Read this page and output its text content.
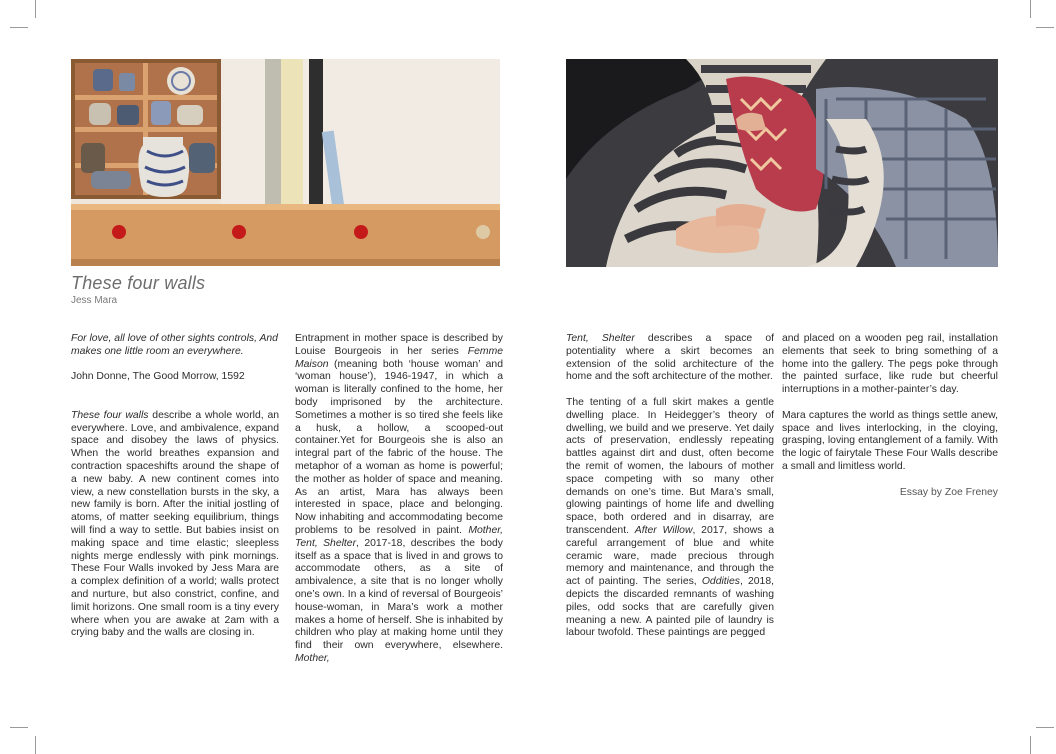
These four walls

Jess Mara

For love, all love of other sights controls, And makes one little room an everywhere.

John Donne, The Good Morrow, 1592

These four walls describe a whole world, an everywhere. Love, and ambivalence, expand space and disobey the laws of physics. When the world breathes expansion and contraction spaceshifts around the shape of a new baby. A new continent comes into view, a new constellation bursts in the sky, a new family is born. After the initial jostling of atoms, of matter seeking equilibrium, things will find a way to settle. But babies insist on making space and time elastic; sleepless nights merge endlessly with pink mornings. These Four Walls invoked by Jess Mara are a complex definition of a world; walls protect and nurture, but also constrict, confine, and limit horizons. One small room is a tiny every where when you are awake at 2am with a crying baby and the walls are closing in.

Entrapment in mother space is described by Louise Bourgeois in her series Femme Maison (meaning both ‘house woman’ and ‘woman house’), 1946-1947, in which a woman is literally confined to the home, her body imprisoned by the architecture. Sometimes a mother is so tired she feels like a husk, a hollow, a scooped-out container.Yet for Bourgeois she is also an integral part of the fabric of the house. The metaphor of a woman as home is powerful; the mother as holder of space and meaning. As an artist, Mara has always been interested in space, place and belonging. Now inhabiting and accommodating become problems to be resolved in paint. Mother, Tent, Shelter, 2017-18, describes the body itself as a space that is lived in and grows to accommodate others, as a site of ambivalence, a site that is no longer wholly one’s own. In a kind of reversal of Bourgeois’ house-woman, in Mara’s work a mother makes a home of herself. She is inhabited by children who play at making home until they find their own everywhere, elsewhere. Mother,

Tent, Shelter describes a space of potentiality where a skirt becomes an extension of the solid architecture of the home and the soft architecture of the mother.

The tenting of a full skirt makes a gentle dwelling place. In Heidegger’s theory of dwelling, we build and we preserve. Yet daily acts of preservation, endlessly repeating battles against dirt and dust, often become the remit of women, the labours of mother space competing with so many other demands on one’s time. But Mara’s small, glowing paintings of home life and dwelling space, both ordered and in disarray, are transcendent. After Willow, 2017, shows a careful arrangement of blue and white ceramic ware, made precious through memory and maintenance, and through the act of painting. The series, Oddities, 2018, depicts the discarded remnants of washing piles, odd socks that are carefully given meaning a new. A painted pile of laundry is labour twofold. These paintings are pegged

and placed on a wooden peg rail, installation elements that seek to bring something of a home into the gallery. The pegs poke through the painted surface, like rude but cheerful interruptions in a mother-painter’s day.

Mara captures the world as things settle anew, space and lives interlocking, in the cloying, grasping, loving entanglement of a family. With the logic of fairytale These Four Walls describe a small and limitless world.

Essay by Zoe Freney
